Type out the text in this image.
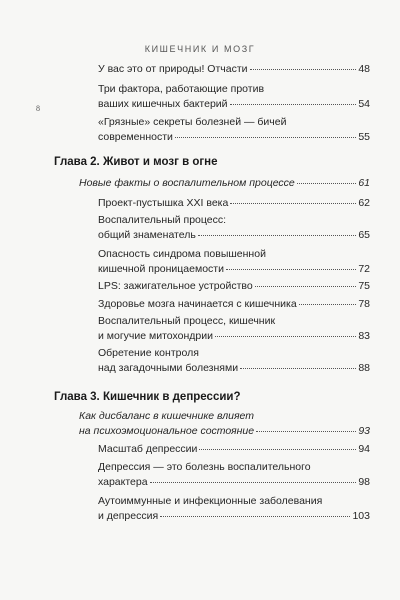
КИШЕЧНИК И МОЗГ
8
У вас это от природы! Отчасти	48
Три фактора, работающие против
ваших кишечных бактерий	54
«Грязные» секреты болезней — бичей
современности	55
Глава 2. Живот и мозг в огне
Новые факты о воспалительном процессе	61
Проект-пустышка XXI века	62
Воспалительный процесс:
общий знаменатель	65
Опасность синдрома повышенной
кишечной проницаемости	72
LPS: зажигательное устройство	75
Здоровье мозга начинается с кишечника	78
Воспалительный процесс, кишечник
и могучие митохондрии	83
Обретение контроля
над загадочными болезнями	88
Глава 3. Кишечник в депрессии?
Как дисбаланс в кишечнике влияет
на психоэмоциональное состояние	93
Масштаб депрессии	94
Депрессия — это болезнь воспалительного
характера	98
Аутоиммунные и инфекционные заболевания
и депрессия	103
